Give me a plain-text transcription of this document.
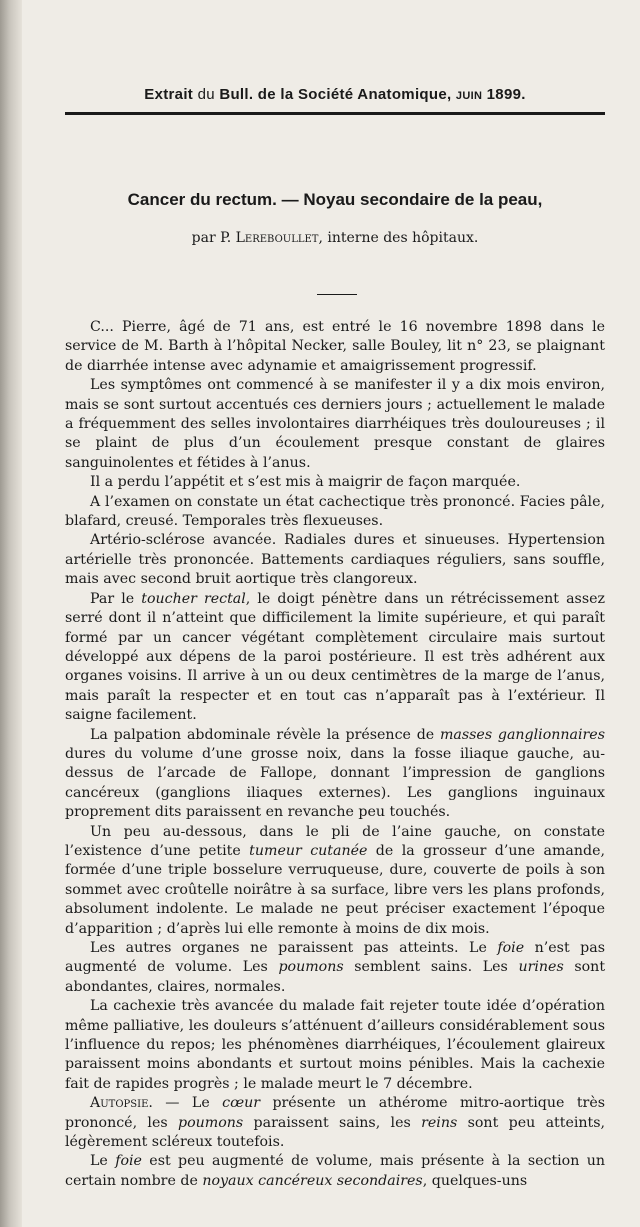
Extrait du Bull. de la Société Anatomique, juin 1899.
Cancer du rectum. — Noyau secondaire de la peau,
par P. Lereboullet, interne des hôpitaux.

C... Pierre, âgé de 71 ans, est entré le 16 novembre 1898 dans le service de M. Barth à l’hôpital Necker, salle Bouley, lit n° 23, se plaignant de diarrhée intense avec adynamie et amaigrissement progressif.

Les symptômes ont commencé à se manifester il y a dix mois environ, mais se sont surtout accentués ces derniers jours ; actuellement le malade a fréquemment des selles involontaires diarrhéiques très douloureuses ; il se plaint de plus d’un écoulement presque constant de glaires sanguinolentes et fétides à l’anus.

Il a perdu l’appétit et s’est mis à maigrir de façon marquée.

A l’examen on constate un état cachectique très prononcé. Facies pâle, blafard, creusé. Temporales très flexueuses.

Artério-sclérose avancée. Radiales dures et sinueuses. Hypertension artérielle très prononcée. Battements cardiaques réguliers, sans souffle, mais avec second bruit aortique très clangoreux.

Par le toucher rectal, le doigt pénètre dans un rétrécissement assez serré dont il n’atteint que difficilement la limite supérieure, et qui paraît formé par un cancer végétant complètement circulaire mais surtout développé aux dépens de la paroi postérieure. Il est très adhérent aux organes voisins. Il arrive à un ou deux centimètres de la marge de l’anus, mais paraît la respecter et en tout cas n’apparaît pas à l’extérieur. Il saigne facilement.

La palpation abdominale révèle la présence de masses ganglionnaires dures du volume d’une grosse noix, dans la fosse iliaque gauche, au-dessus de l’arcade de Fallope, donnant l’impression de ganglions cancéreux (ganglions iliaques externes). Les ganglions inguinaux proprement dits paraissent en revanche peu touchés.

Un peu au-dessous, dans le pli de l’aine gauche, on constate l’existence d’une petite tumeur cutanée de la grosseur d’une amande, formée d’une triple bosselure verruqueuse, dure, couverte de poils à son sommet avec croûtelle noirâtre à sa surface, libre vers les plans profonds, absolument indolente. Le malade ne peut préciser exactement l’époque d’apparition ; d’après lui elle remonte à moins de dix mois.

Les autres organes ne paraissent pas atteints. Le foie n’est pas augmenté de volume. Les poumons semblent sains. Les urines sont abondantes, claires, normales.

La cachexie très avancée du malade fait rejeter toute idée d’opération même palliative, les douleurs s’atténuent d’ailleurs considérablement sous l’influence du repos; les phénomènes diarrhéiques, l’écoulement glaireux paraissent moins abondants et surtout moins pénibles. Mais la cachexie fait de rapides progrès ; le malade meurt le 7 décembre.

Autopsie. — Le cœur présente un athérome mitro-aortique très prononcé, les poumons paraissent sains, les reins sont peu atteints, légèrement scléreux toutefois.

Le foie est peu augmenté de volume, mais présente à la section un certain nombre de noyaux cancéreux secondaires, quelques-uns
